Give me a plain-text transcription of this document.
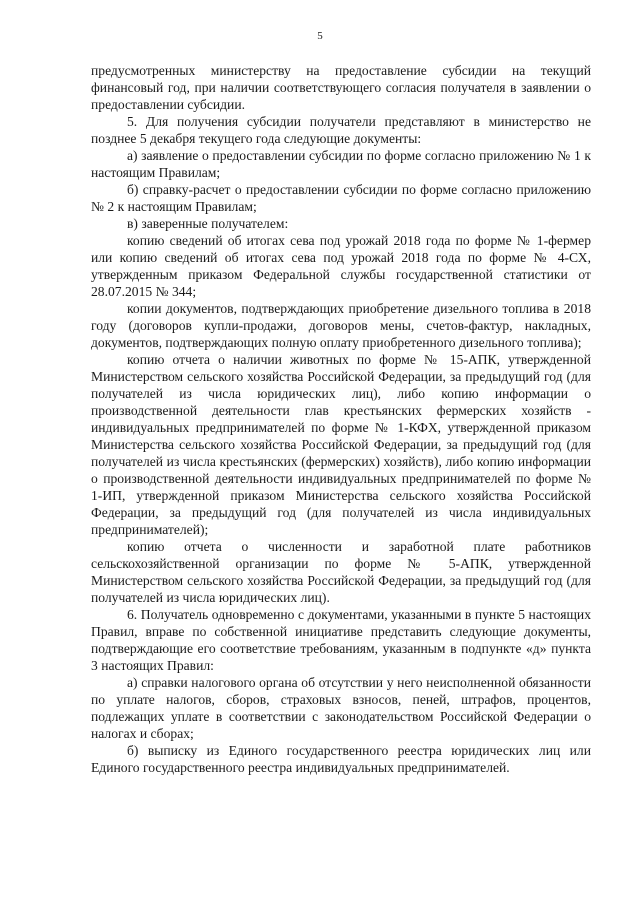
5

предусмотренных министерству на предоставление субсидии на текущий финансовый год, при наличии соответствующего согласия получателя в заявлении о предоставлении субсидии.

5. Для получения субсидии получатели представляют в министерство не позднее 5 декабря текущего года следующие документы:

а) заявление о предоставлении субсидии по форме согласно приложению № 1 к настоящим Правилам;

б) справку-расчет о предоставлении субсидии по форме согласно приложению № 2 к настоящим Правилам;

в) заверенные получателем:

копию сведений об итогах сева под урожай 2018 года по форме № 1-фермер или копию сведений об итогах сева под урожай 2018 года по форме № 4-СХ, утвержденным приказом Федеральной службы государственной статистики от 28.07.2015 № 344;

копии документов, подтверждающих приобретение дизельного топлива в 2018 году (договоров купли-продажи, договоров мены, счетов-фактур, накладных, документов, подтверждающих полную оплату приобретенного дизельного топлива);

копию отчета о наличии животных по форме № 15-АПК, утвержденной Министерством сельского хозяйства Российской Федерации, за предыдущий год (для получателей из числа юридических лиц), либо копию информации о производственной деятельности глав крестьянских фермерских хозяйств - индивидуальных предпринимателей по форме № 1-КФХ, утвержденной приказом Министерства сельского хозяйства Российской Федерации, за предыдущий год (для получателей из числа крестьянских (фермерских) хозяйств), либо копию информации о производственной деятельности индивидуальных предпринимателей по форме № 1-ИП, утвержденной приказом Министерства сельского хозяйства Российской Федерации, за предыдущий год (для получателей из числа индивидуальных предпринимателей);

копию отчета о численности и заработной плате работников сельскохозяйственной организации по форме № 5-АПК, утвержденной Министерством сельского хозяйства Российской Федерации, за предыдущий год (для получателей из числа юридических лиц).

6. Получатель одновременно с документами, указанными в пункте 5 настоящих Правил, вправе по собственной инициативе представить следующие документы, подтверждающие его соответствие требованиям, указанным в подпункте «д» пункта 3 настоящих Правил:

а) справки налогового органа об отсутствии у него неисполненной обязанности по уплате налогов, сборов, страховых взносов, пеней, штрафов, процентов, подлежащих уплате в соответствии с законодательством Российской Федерации о налогах и сборах;

б) выписку из Единого государственного реестра юридических лиц или Единого государственного реестра индивидуальных предпринимателей.
